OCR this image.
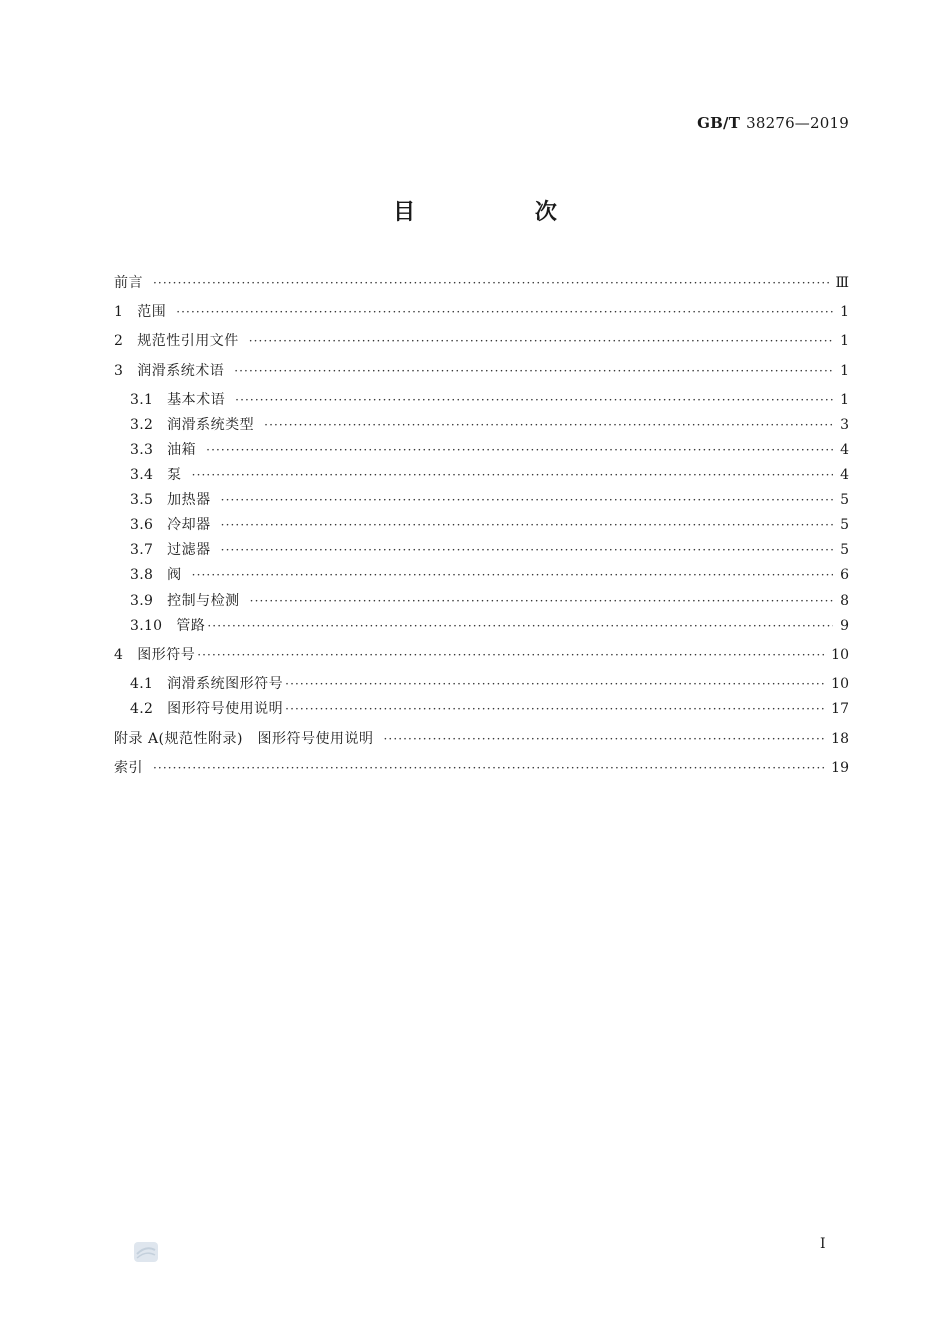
GB/T 38276—2019
目 次
前言 ·····	Ⅲ
1 范围 ·····	1
2 规范性引用文件 ·····	1
3 润滑系统术语 ·····	1
3.1 基本术语 ·····	1
3.2 润滑系统类型 ·····	3
3.3 油箱 ·····	4
3.4 泵 ·····	4
3.5 加热器 ·····	5
3.6 冷却器 ·····	5
3.7 过滤器 ·····	5
3.8 阀 ·····	6
3.9 控制与检测 ·····	8
3.10 管路 ·····	9
4 图形符号 ·····	10
4.1 润滑系统图形符号 ·····	10
4.2 图形符号使用说明 ·····	17
附录 A(规范性附录)　图形符号使用说明 ·····	18
索引 ·····	19
I
